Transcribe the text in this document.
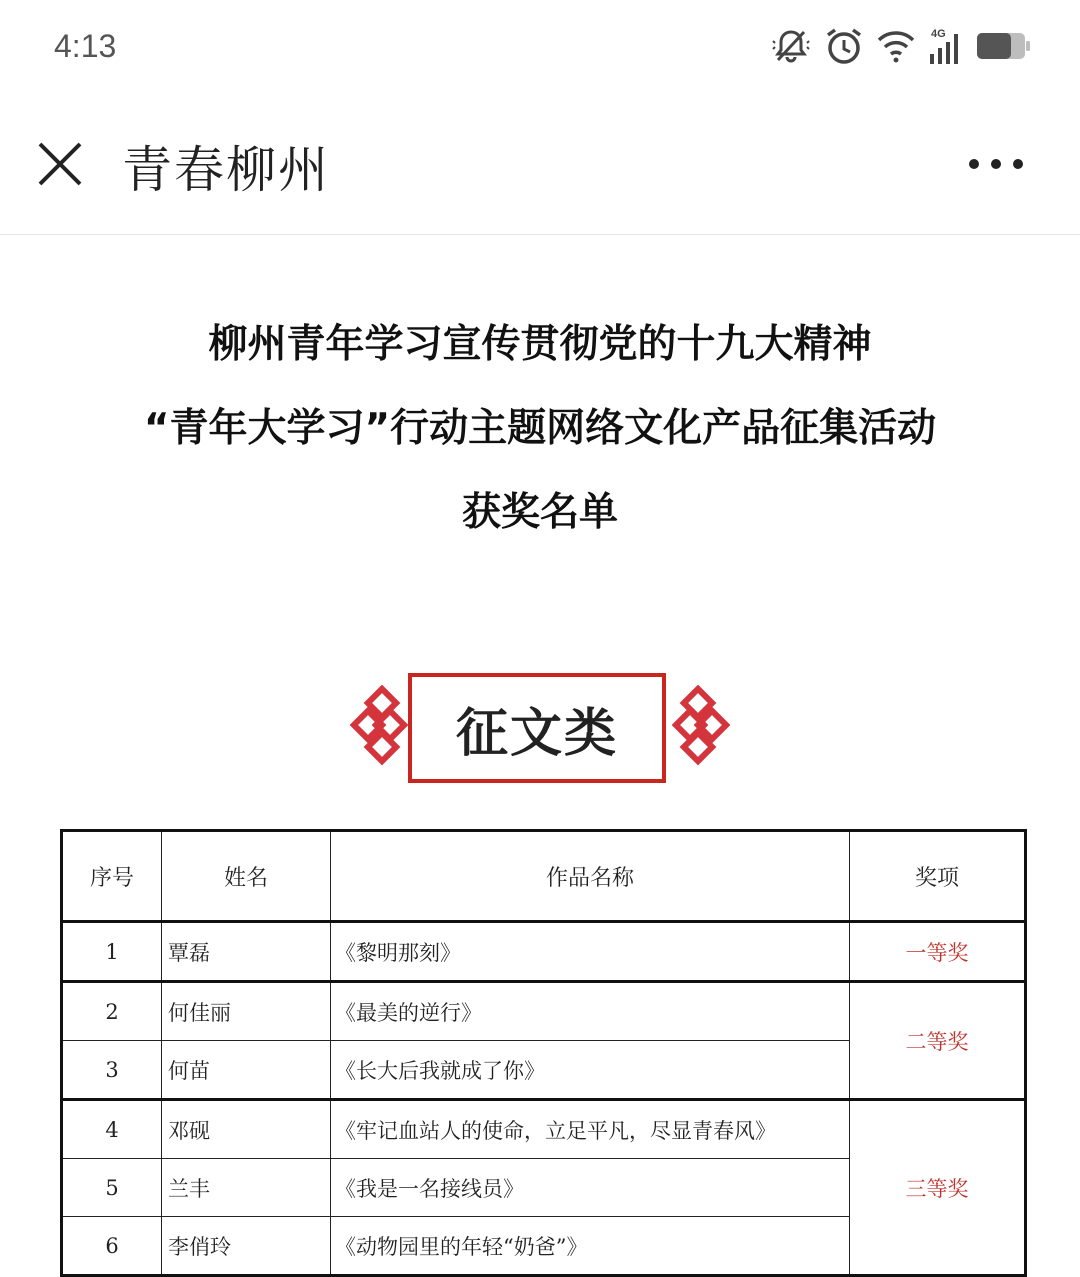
4:13	4G
青春柳州
柳州青年学习宣传贯彻党的十九大精神
“青年大学习”行动主题网络文化产品征集活动
获奖名单
征文类
序号	姓名	作品名称	奖项
1	覃磊	《黎明那刻》	一等奖
2	何佳丽	《最美的逆行》	二等奖
3	何苗	《长大后我就成了你》	
4	邓砚	《牢记血站人的使命，立足平凡，尽显青春风》	三等奖
5	兰丰	《我是一名接线员》	
6	李俏玲	《动物园里的年轻“奶爸”》	
